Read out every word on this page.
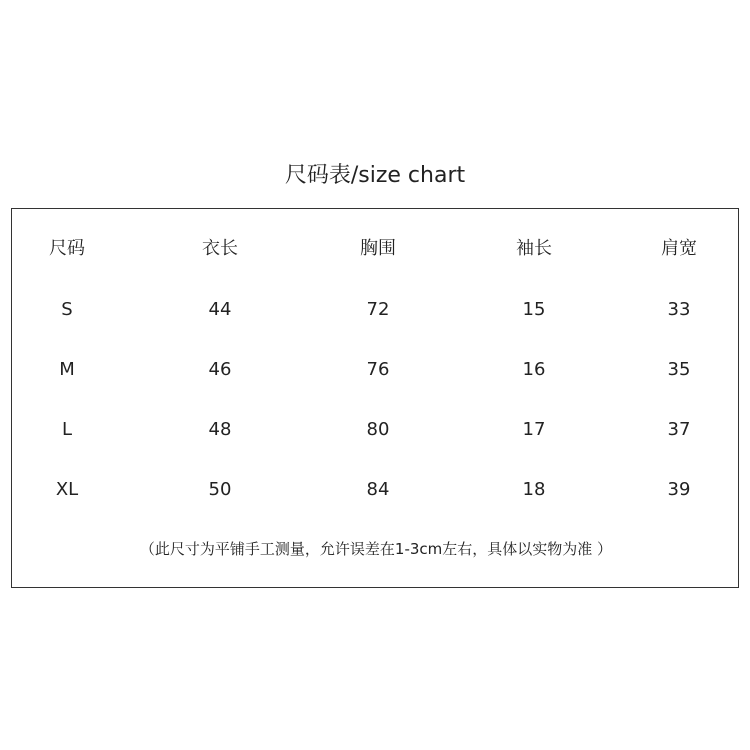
尺码表/size chart
尺码	衣长	胸围	袖长	肩宽
S	44	72	15	33
M	46	76	16	35
L	48	80	17	37
XL	50	84	18	39
（此尺寸为平铺手工测量，允许误差在1-3cm左右，具体以实物为准 ）
